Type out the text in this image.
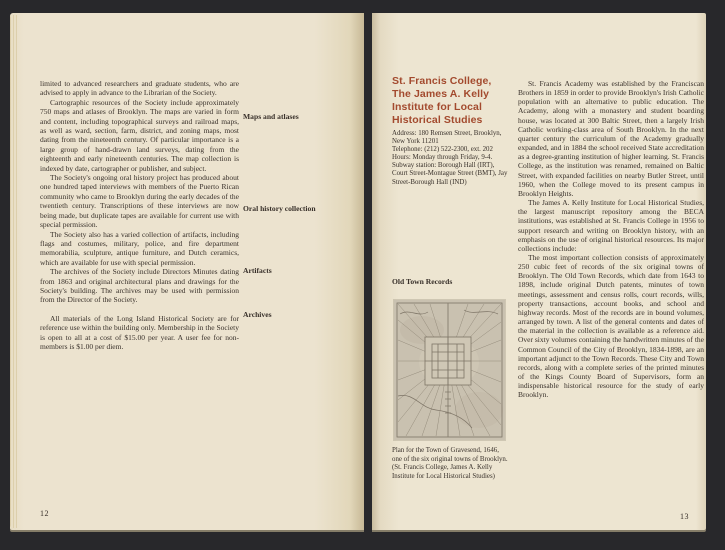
limited to advanced researchers and graduate students, who are advised to apply in advance to the Librarian of the Society.

Cartographic resources of the Society include approximately 750 maps and atlases of Brooklyn. The maps are varied in form and content, including topographical surveys and railroad maps, as well as ward, section, farm, district, and zoning maps, most dating from the nineteenth century. Of particular importance is a large group of hand-drawn land surveys, dating from the eighteenth and early nineteenth centuries. The map collection is indexed by date, cartographer or publisher, and subject.

The Society's ongoing oral history project has produced about one hundred taped interviews with members of the Puerto Rican community who came to Brooklyn during the early decades of the twentieth century. Transcriptions of these interviews are now being made, but duplicate tapes are available for current use with special permission.

The Society also has a varied collection of artifacts, including flags and costumes, military, police, and fire department memorabilia, sculpture, antique furniture, and Dutch ceramics, which are available for use with special permission.

The archives of the Society include Directors Minutes dating from 1863 and original architectural plans and drawings for the Society's building. The archives may be used with permission from the Director of the Society.

All materials of the Long Island Historical Society are for reference use within the building only. Membership in the Society is open to all at a cost of $15.00 per year. A user fee for non-members is $1.00 per diem.

Maps and atlases
Oral history collection
Artifacts
Archives
12
St. Francis College,
The James A. Kelly
Institute for Local
Historical Studies
Address: 180 Remsen Street, Brooklyn, New York 11201
Telephone: (212) 522-2300, ext. 202
Hours: Monday through Friday, 9-4.
Subway station: Borough Hall (IRT), Court Street-Montague Street (BMT), Jay Street-Borough Hall (IND)
Old Town Records
Plan for the Town of Gravesend, 1646, one of the six original towns of Brooklyn. (St. Francis College, James A. Kelly Institute for Local Historical Studies)

St. Francis Academy was established by the Franciscan Brothers in 1859 in order to provide Brooklyn's Irish Catholic population with an alternative to public education. The Academy, along with a monastery and student boarding house, was located at 300 Baltic Street, then a largely Irish Catholic working-class area of South Brooklyn. In the next quarter century the curriculum of the Academy gradually expanded, and in 1884 the school received State accreditation as a degree-granting institution of higher learning. St. Francis College, as the institution was renamed, remained on Baltic Street, with expanded facilities on nearby Butler Street, until 1960, when the College moved to its present campus in Brooklyn Heights.

The James A. Kelly Institute for Local Historical Studies, the largest manuscript repository among the BECA institutions, was established at St. Francis College in 1956 to support research and writing on Brooklyn history, with an emphasis on the use of original historical resources. Its major collections include:

The most important collection consists of approximately 250 cubic feet of records of the six original towns of Brooklyn. The Old Town Records, which date from 1643 to 1898, include original Dutch patents, minutes of town meetings, assessment and census rolls, court records, wills, property transactions, account books, and school and highway records. Most of the records are in bound volumes, arranged by town. A list of the general contents and dates of the material in the collection is available as a reference aid. Over sixty volumes containing the handwritten minutes of the Common Council of the City of Brooklyn, 1834-1898, are an important adjunct to the Town Records. These City and Town records, along with a complete series of the printed minutes of the Kings County Board of Supervisors, form an indispensable historical resource for the study of early Brooklyn.

13
